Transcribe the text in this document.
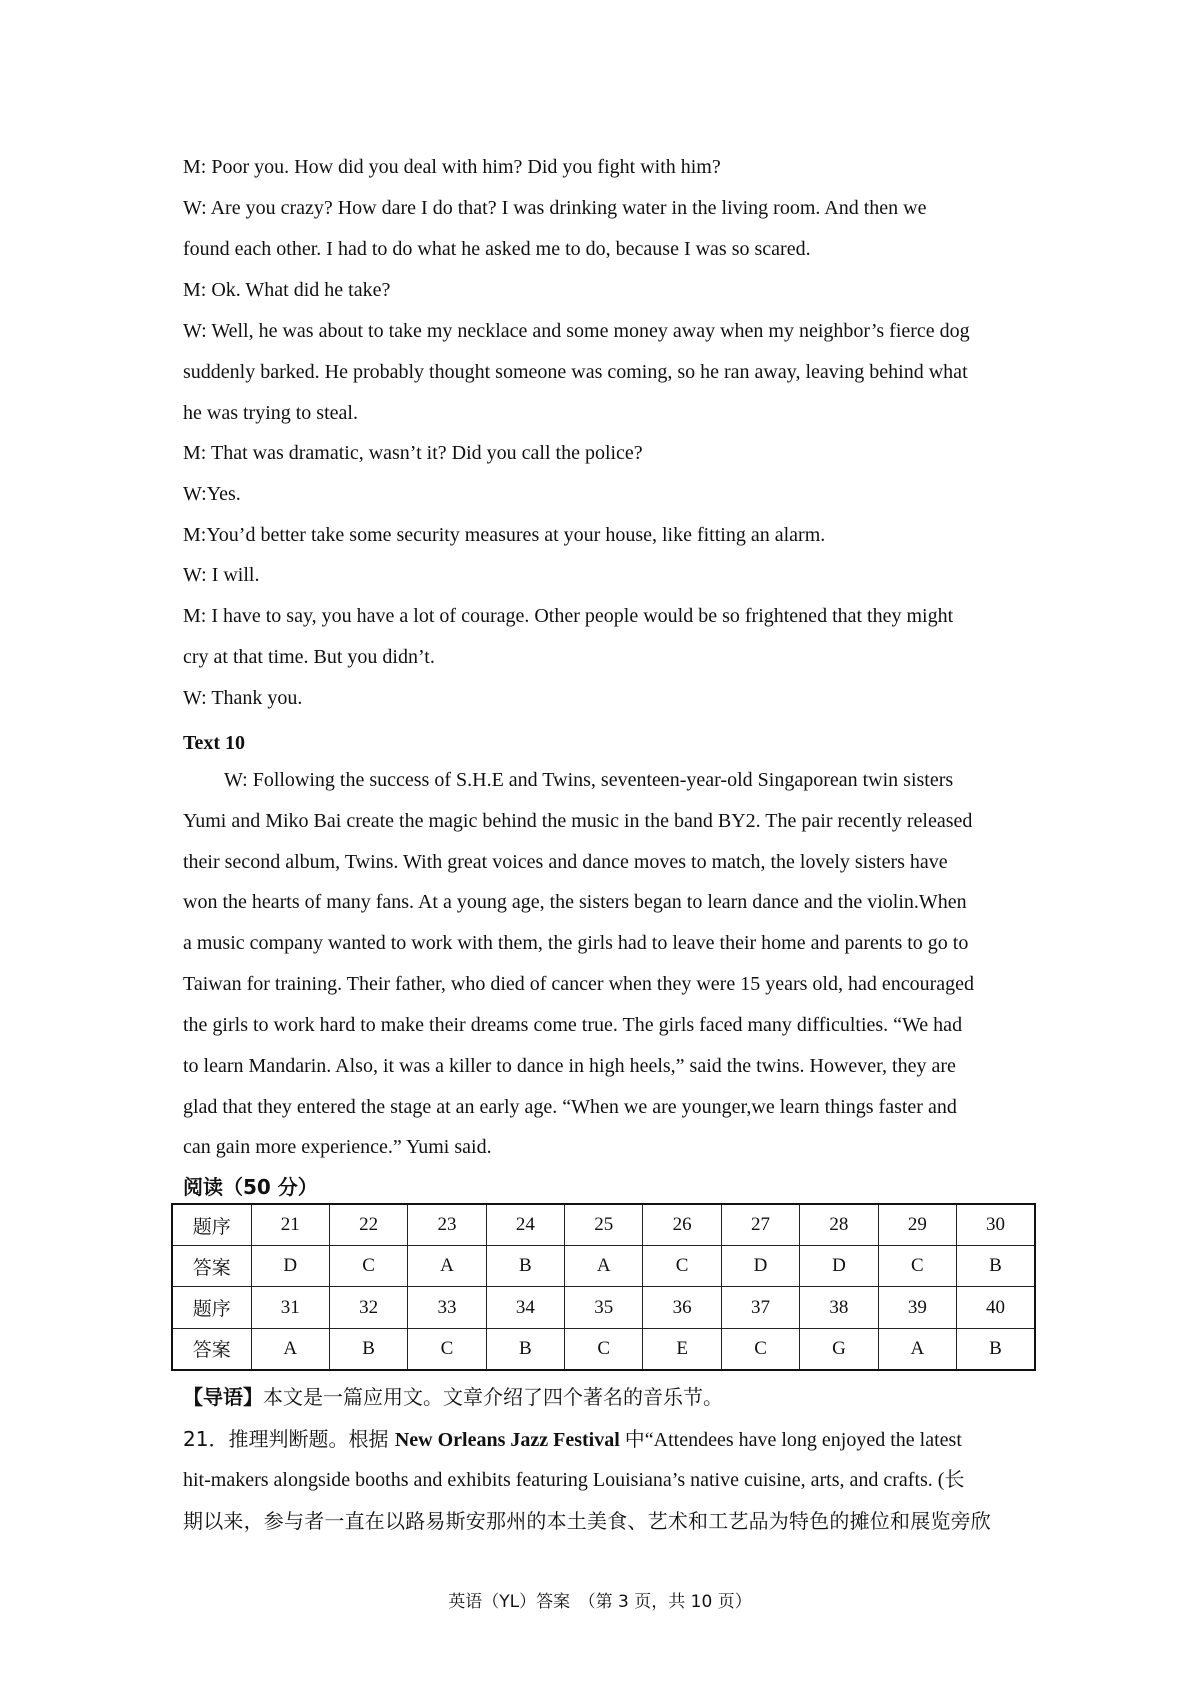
M: Poor you. How did you deal with him? Did you fight with him?
W: Are you crazy? How dare I do that? I was drinking water in the living room. And then we
found each other. I had to do what he asked me to do, because I was so scared.
M: Ok. What did he take?
W: Well, he was about to take my necklace and some money away when my neighbor’s fierce dog
suddenly barked. He probably thought someone was coming, so he ran away, leaving behind what
he was trying to steal.
M: That was dramatic, wasn’t it? Did you call the police?
W:Yes.
M:You’d better take some security measures at your house, like fitting an alarm.
W: I will.
M: I have to say, you have a lot of courage. Other people would be so frightened that they might
cry at that time. But you didn’t.
W: Thank you.
Text 10
W: Following the success of S.H.E and Twins, seventeen-year-old Singaporean twin sisters
Yumi and Miko Bai create the magic behind the music in the band BY2. The pair recently released
their second album, Twins. With great voices and dance moves to match, the lovely sisters have
won the hearts of many fans. At a young age, the sisters began to learn dance and the violin.When
a music company wanted to work with them, the girls had to leave their home and parents to go to
Taiwan for training. Their father, who died of cancer when they were 15 years old, had encouraged
the girls to work hard to make their dreams come true. The girls faced many difficulties. “We had
to learn Mandarin. Also, it was a killer to dance in high heels,” said the twins. However, they are
glad that they entered the stage at an early age. “When we are younger,we learn things faster and
can gain more experience.” Yumi said.
阅读（50 分）
题序	21	22	23	24	25	26	27	28	29	30
答案	D	C	A	B	A	C	D	D	C	B
题序	31	32	33	34	35	36	37	38	39	40
答案	A	B	C	B	C	E	C	G	A	B
【导语】本文是一篇应用文。文章介绍了四个著名的音乐节。
21．推理判断题。根据 New Orleans Jazz Festival 中“Attendees have long enjoyed the latest
hit-makers alongside booths and exhibits featuring Louisiana’s native cuisine, arts, and crafts. (长
期以来，参与者一直在以路易斯安那州的本土美食、艺术和工艺品为特色的摊位和展览旁欣
英语（YL）答案　（第 3 页，共 10 页）
